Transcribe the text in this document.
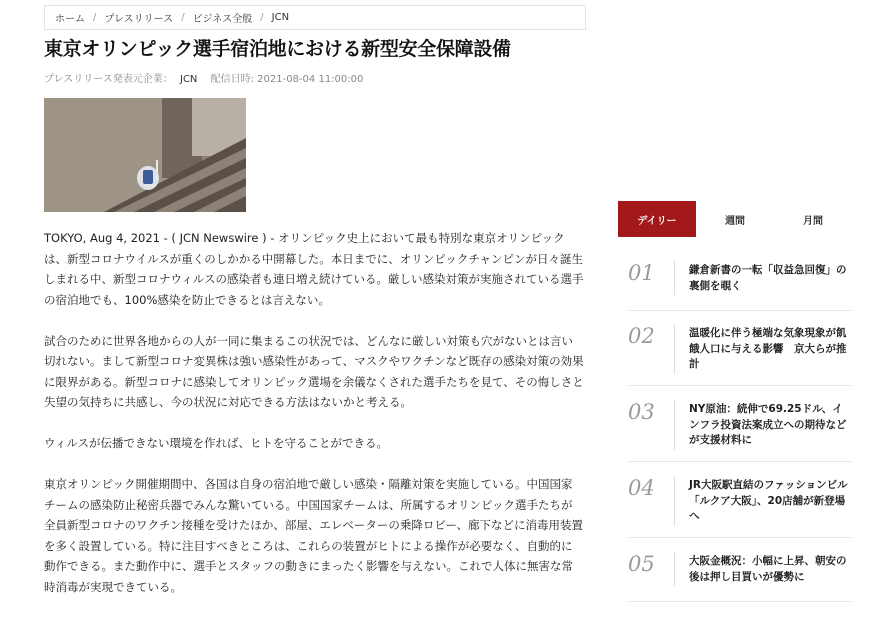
ホーム / プレスリリース / ビジネス全般 / JCN
東京オリンピック選手宿泊地における新型安全保障設備
プレスリリース発表元企業： JCN 配信日時: 2021-08-04 11:00:00

TOKYO, Aug 4, 2021 - ( JCN Newswire ) - オリンピック史上において最も特別な東京オリンピックは、新型コロナウイルスが重くのしかかる中開幕した。本日までに、オリンピックチャンピンが日々誕生しまれる中、新型コロナウィルスの感染者も連日増え続けている。厳しい感染対策が実施されている選手の宿泊地でも、100%感染を防止できるとは言えない。

試合のために世界各地からの人が一同に集まるこの状況では、どんなに厳しい対策も穴がないとは言い切れない。まして新型コロナ変異株は強い感染性があって、マスクやワクチンなど既存の感染対策の効果に限界がある。新型コロナに感染してオリンピック選場を余儀なくされた選手たちを見て、その悔しさと失望の気持ちに共感し、今の状況に対応できる方法はないかと考える。

ウィルスが伝播できない環境を作れば、ヒトを守ることができる。

東京オリンピック開催期間中、各国は自身の宿泊地で厳しい感染・隔離対策を実施している。中国国家チームの感染防止秘密兵器でみんな驚いている。中国国家チームは、所属するオリンピック選手たちが全員新型コロナのワクチン接種を受けたほか、部屋、エレベーターの乗降ロビー、廊下などに消毒用装置を多く設置している。特に注目すべきところは、これらの装置がヒトによる操作が必要なく、自動的に動作できる。また動作中に、選手とスタッフの動きにまったく影響を与えない。これで人体に無害な常時消毒が実現できている。

デイリー	週間	月間
01	鎌倉新書の一転「収益急回復」の裏側を覗く
02	温暖化に伴う極端な気象現象が飢餓人口に与える影響　京大らが推計
03	NY原油：続伸で69.25ドル、インフラ投資法案成立への期待などが支援材料に
04	JR大阪駅直結のファッションビル「ルクア大阪」、20店舗が新登場へ
05	大阪金概況：小幅に上昇、朝安の後は押し目買いが優勢に
